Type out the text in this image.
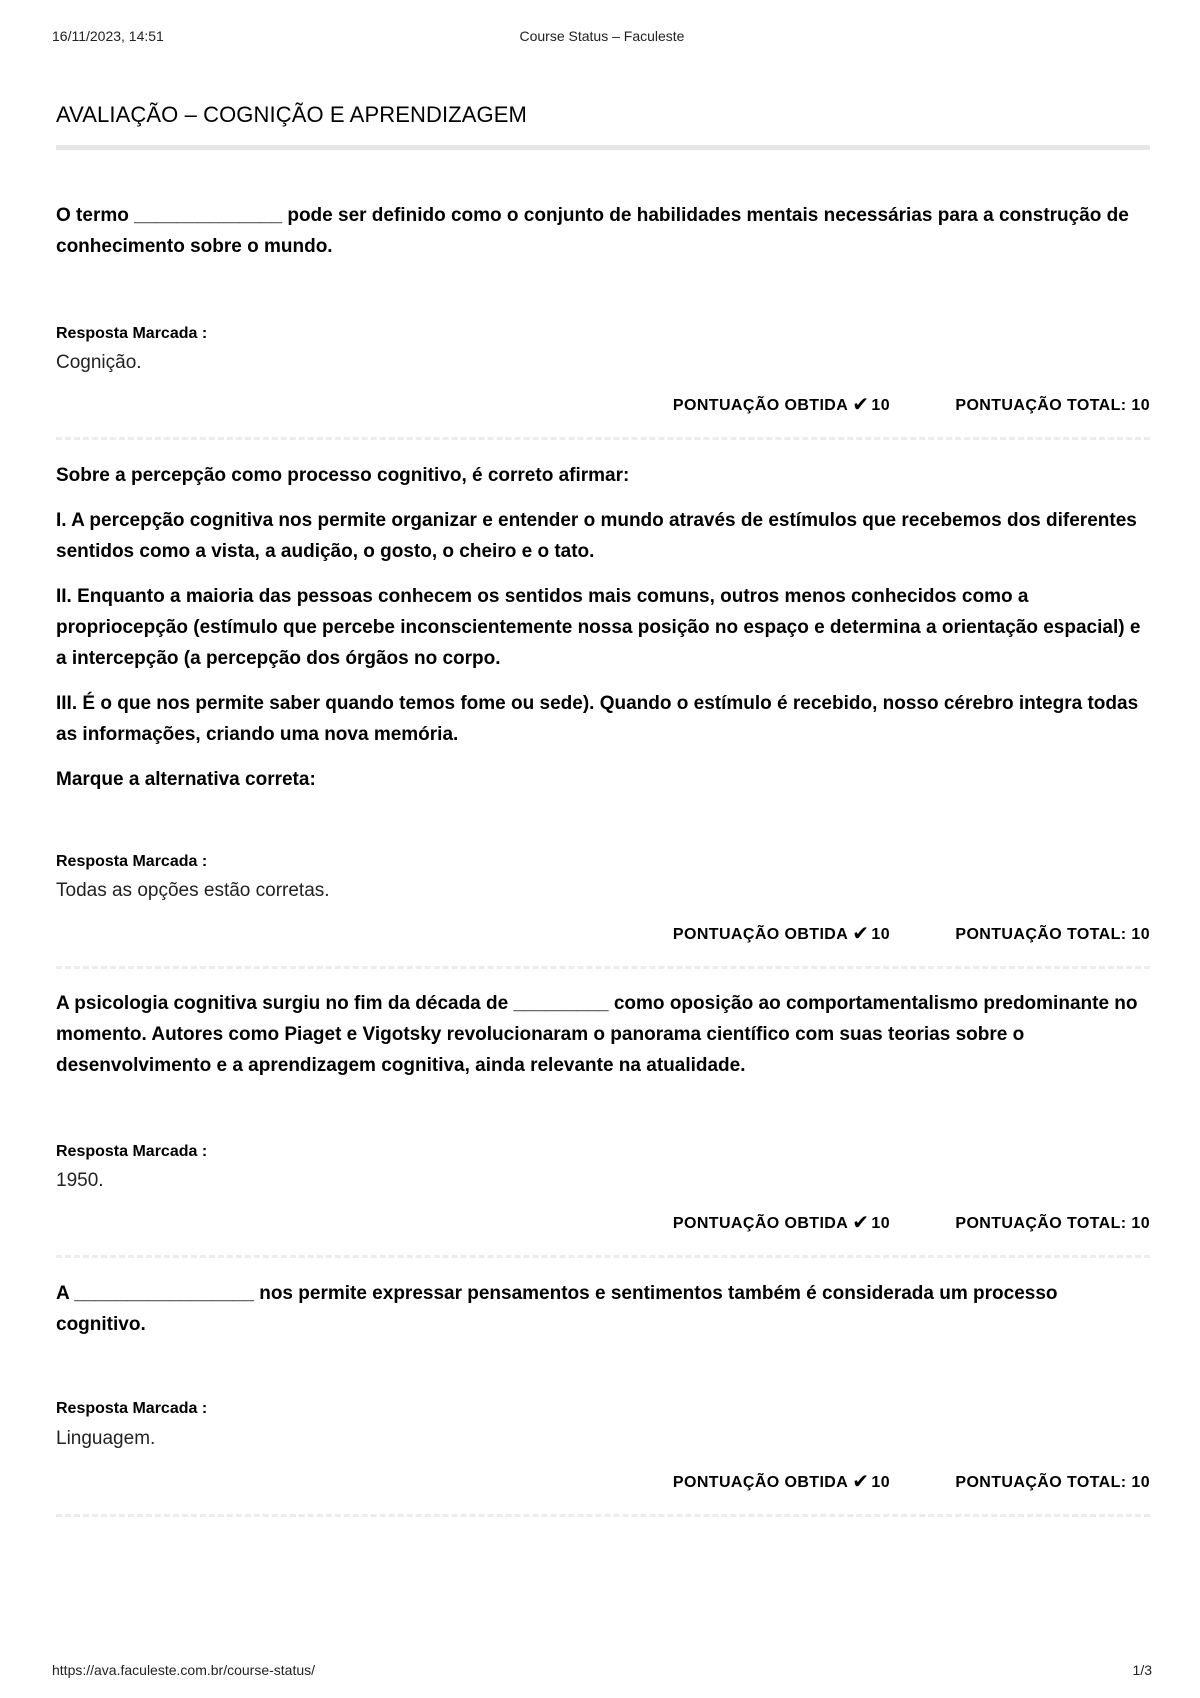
16/11/2023, 14:51	Course Status – Faculeste
AVALIAÇÃO – COGNIÇÃO E APRENDIZAGEM

O termo ______________ pode ser definido como o conjunto de habilidades mentais necessárias para a construção de conhecimento sobre o mundo.

Resposta Marcada :
Cognição.
PONTUAÇÃO OBTIDA ✔ 10	PONTUAÇÃO TOTAL: 10

Sobre a percepção como processo cognitivo, é correto afirmar:

I. A percepção cognitiva nos permite organizar e entender o mundo através de estímulos que recebemos dos diferentes sentidos como a vista, a audição, o gosto, o cheiro e o tato.

II. Enquanto a maioria das pessoas conhecem os sentidos mais comuns, outros menos conhecidos como a propriocepção (estímulo que percebe inconscientemente nossa posição no espaço e determina a orientação espacial) e a intercepção (a percepção dos órgãos no corpo.

III. É o que nos permite saber quando temos fome ou sede). Quando o estímulo é recebido, nosso cérebro integra todas as informações, criando uma nova memória.

Marque a alternativa correta:

Resposta Marcada :
Todas as opções estão corretas.
PONTUAÇÃO OBTIDA ✔ 10	PONTUAÇÃO TOTAL: 10

A psicologia cognitiva surgiu no fim da década de _________ como oposição ao comportamentalismo predominante no momento. Autores como Piaget e Vigotsky revolucionaram o panorama científico com suas teorias sobre o desenvolvimento e a aprendizagem cognitiva, ainda relevante na atualidade.

Resposta Marcada :
1950.
PONTUAÇÃO OBTIDA ✔ 10	PONTUAÇÃO TOTAL: 10

A _________________ nos permite expressar pensamentos e sentimentos também é considerada um processo cognitivo.

Resposta Marcada :
Linguagem.
PONTUAÇÃO OBTIDA ✔ 10	PONTUAÇÃO TOTAL: 10
https://ava.faculeste.com.br/course-status/	1/3
